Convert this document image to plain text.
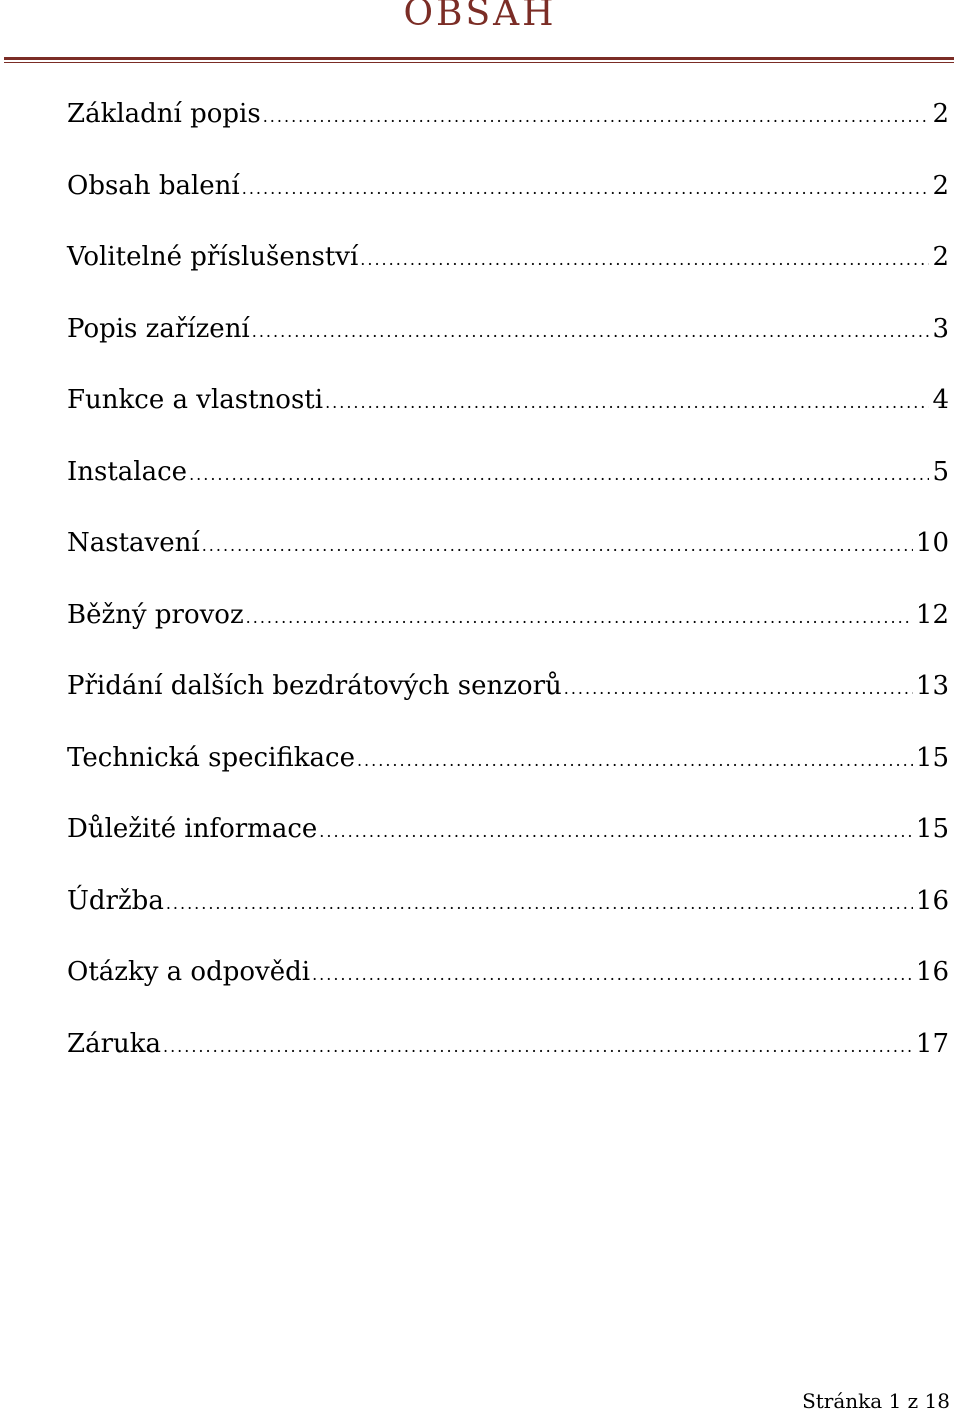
OBSAH
Základní popis .....	2
Obsah balení .....	2
Volitelné příslušenství .....	2
Popis zařízení .....	3
Funkce a vlastnosti .....	4
Instalace .....	5
Nastavení .....	10
Běžný provoz .....	12
Přidání dalších bezdrátových senzorů .....	13
Technická specifikace .....	15
Důležité informace .....	15
Údržba .....	16
Otázky a odpovědi .....	16
Záruka .....	17
Stránka 1 z 18
